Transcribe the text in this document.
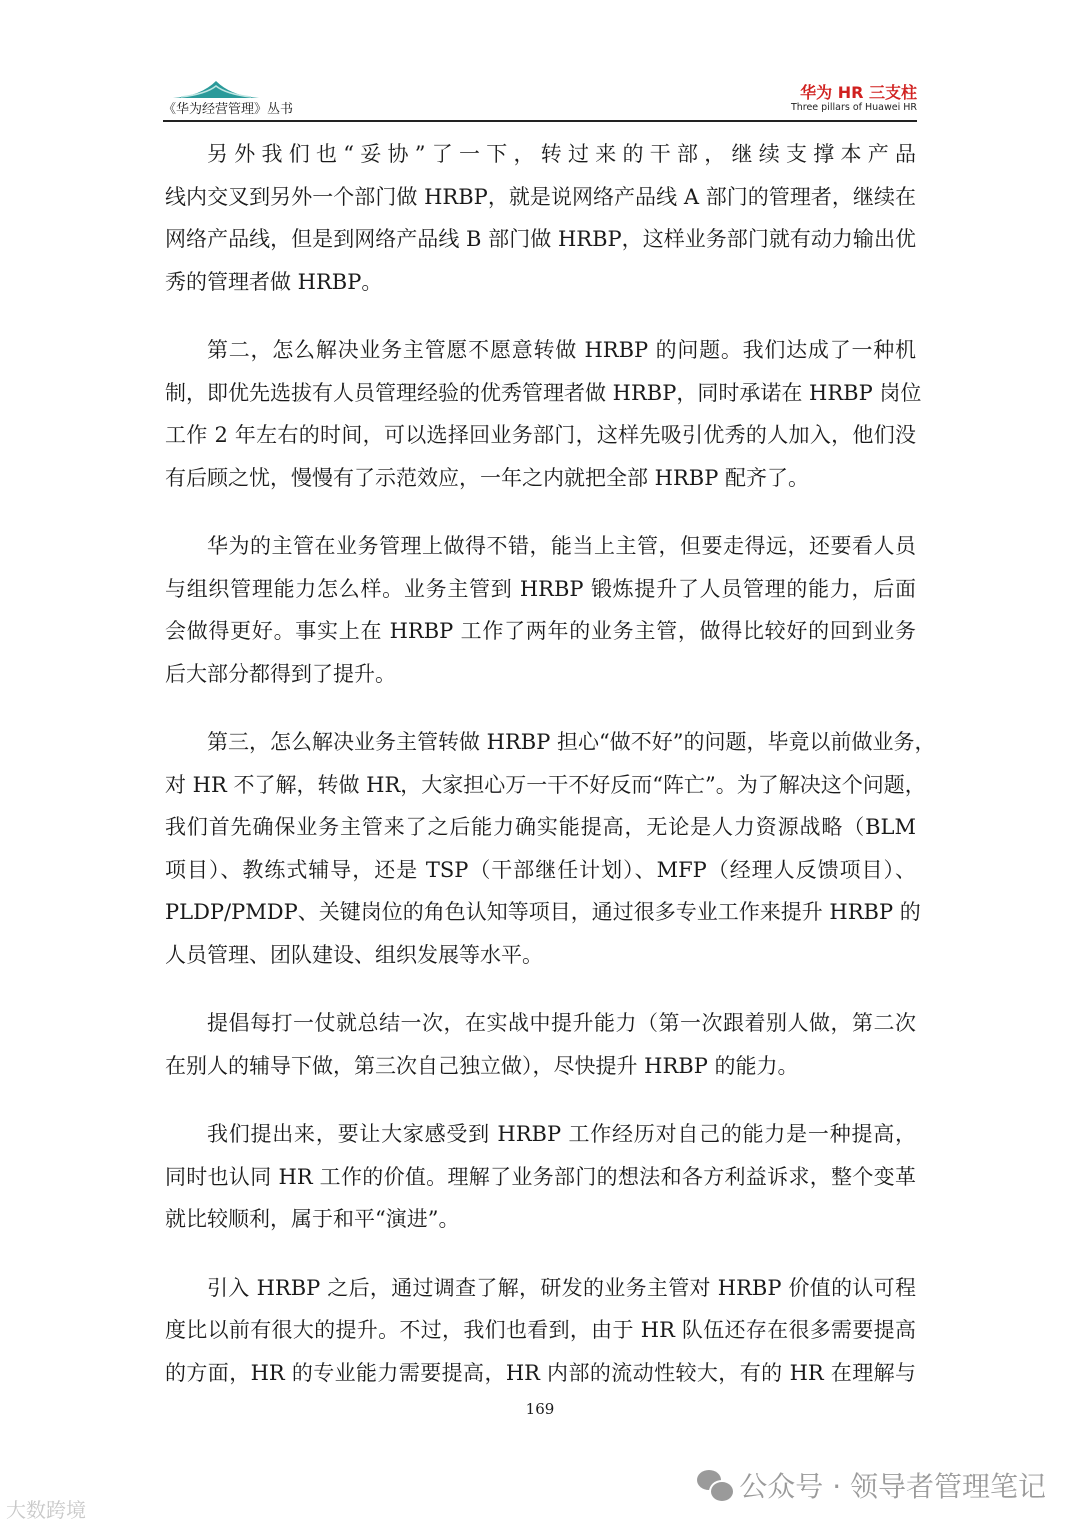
《华为经营管理》丛书
华为 HR 三支柱
Three pillars of Huawei HR
另外我们也“妥协”了一下，转过来的干部，继续支撑本产品
线内交叉到另外一个部门做 HRBP，就是说网络产品线 A 部门的管理者，继续在
网络产品线，但是到网络产品线 B 部门做 HRBP，这样业务部门就有动力输出优
秀的管理者做 HRBP。
第二，怎么解决业务主管愿不愿意转做 HRBP 的问题。我们达成了一种机
制，即优先选拔有人员管理经验的优秀管理者做 HRBP，同时承诺在 HRBP 岗位
工作 2 年左右的时间，可以选择回业务部门，这样先吸引优秀的人加入，他们没
有后顾之忧，慢慢有了示范效应，一年之内就把全部 HRBP 配齐了。
华为的主管在业务管理上做得不错，能当上主管，但要走得远，还要看人员
与组织管理能力怎么样。业务主管到 HRBP 锻炼提升了人员管理的能力，后面
会做得更好。事实上在 HRBP 工作了两年的业务主管，做得比较好的回到业务
后大部分都得到了提升。
第三，怎么解决业务主管转做 HRBP 担心“做不好”的问题，毕竟以前做业务，
对 HR 不了解，转做 HR，大家担心万一干不好反而“阵亡”。为了解决这个问题，
我们首先确保业务主管来了之后能力确实能提高，无论是人力资源战略（BLM
项目）、教练式辅导，还是 TSP（干部继任计划）、MFP（经理人反馈项目）、
PLDP/PMDP、关键岗位的角色认知等项目，通过很多专业工作来提升 HRBP 的
人员管理、团队建设、组织发展等水平。
提倡每打一仗就总结一次，在实战中提升能力（第一次跟着别人做，第二次
在别人的辅导下做，第三次自己独立做），尽快提升 HRBP 的能力。
我们提出来，要让大家感受到 HRBP 工作经历对自己的能力是一种提高，
同时也认同 HR 工作的价值。理解了业务部门的想法和各方利益诉求，整个变革
就比较顺利，属于和平“演进”。
引入 HRBP 之后，通过调查了解，研发的业务主管对 HRBP 价值的认可程
度比以前有很大的提升。不过，我们也看到，由于 HR 队伍还存在很多需要提高
的方面，HR 的专业能力需要提高，HR 内部的流动性较大，有的 HR 在理解与
169
公众号 · 领导者管理笔记
大数跨境
